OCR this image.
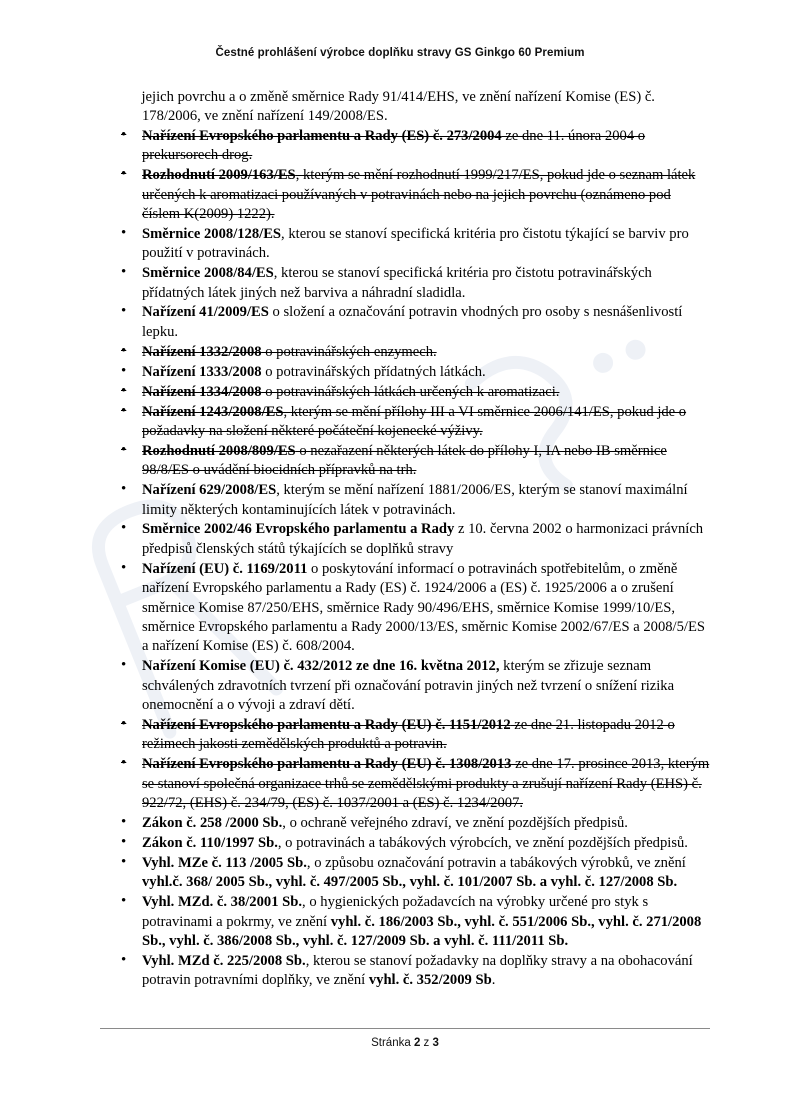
Čestné prohlášení výrobce doplňku stravy GS Ginkgo 60 Premium

jejich povrchu a o změně směrnice Rady 91/414/EHS, ve znění nařízení Komise (ES) č. 178/2006, ve znění nařízení 149/2008/ES.

• Nařízení Evropského parlamentu a Rady (ES) č. 273/2004 ze dne 11. února 2004 o prekursorech drog.
• Rozhodnutí 2009/163/ES, kterým se mění rozhodnutí 1999/217/ES, pokud jde o seznam látek určených k aromatizaci používaných v potravinách nebo na jejich povrchu (oznámeno pod číslem K(2009) 1222).
• Směrnice 2008/128/ES, kterou se stanoví specifická kritéria pro čistotu týkající se barviv pro použití v potravinách.
• Směrnice 2008/84/ES, kterou se stanoví specifická kritéria pro čistotu potravinářských přídatných látek jiných než barviva a náhradní sladidla.
• Nařízení 41/2009/ES o složení a označování potravin vhodných pro osoby s nesnášenlivostí lepku.
• Nařízení 1332/2008 o potravinářských enzymech.
• Nařízení 1333/2008 o potravinářských přídatných látkách.
• Nařízení 1334/2008 o potravinářských látkách určených k aromatizaci.
• Nařízení 1243/2008/ES, kterým se mění přílohy III a VI směrnice 2006/141/ES, pokud jde o požadavky na složení některé počáteční kojenecké výživy.
• Rozhodnutí 2008/809/ES o nezařazení některých látek do přílohy I, IA nebo IB směrnice 98/8/ES o uvádění biocidních přípravků na trh.
• Nařízení 629/2008/ES, kterým se mění nařízení 1881/2006/ES, kterým se stanoví maximální limity některých kontaminujících látek v potravinách.
• Směrnice 2002/46 Evropského parlamentu a Rady z 10. června 2002 o harmonizaci právních předpisů členských států týkajících se doplňků stravy
• Nařízení (EU) č. 1169/2011 o poskytování informací o potravinách spotřebitelům, o změně nařízení Evropského parlamentu a Rady (ES) č. 1924/2006 a (ES) č. 1925/2006 a o zrušení směrnice Komise 87/250/EHS, směrnice Rady 90/496/EHS, směrnice Komise 1999/10/ES, směrnice Evropského parlamentu a Rady 2000/13/ES, směrnic Komise 2002/67/ES a 2008/5/ES a nařízení Komise (ES) č. 608/2004.
• Nařízení Komise (EU) č. 432/2012 ze dne 16. května 2012, kterým se zřizuje seznam schválených zdravotních tvrzení při označování potravin jiných než tvrzení o snížení rizika onemocnění a o vývoji a zdraví dětí.
• Nařízení Evropského parlamentu a Rady (EU) č. 1151/2012 ze dne 21. listopadu 2012 o režimech jakosti zemědělských produktů a potravin.
• Nařízení Evropského parlamentu a Rady (EU) č. 1308/2013 ze dne 17. prosince 2013, kterým se stanoví společná organizace trhů se zemědělskými produkty a zrušují nařízení Rady (EHS) č. 922/72, (EHS) č. 234/79, (ES) č. 1037/2001 a (ES) č. 1234/2007.
• Zákon č. 258 /2000 Sb., o ochraně veřejného zdraví, ve znění pozdějších předpisů.
• Zákon č. 110/1997 Sb., o potravinách a tabákových výrobcích, ve znění pozdějších předpisů.
• Vyhl. MZe č. 113 /2005 Sb., o způsobu označování potravin a tabákových výrobků, ve znění vyhl.č. 368/ 2005 Sb., vyhl. č. 497/2005 Sb., vyhl. č. 101/2007 Sb. a vyhl. č. 127/2008 Sb.
• Vyhl. MZd. č. 38/2001 Sb., o hygienických požadavcích na výrobky určené pro styk s potravinami a pokrmy, ve znění vyhl. č. 186/2003 Sb., vyhl. č. 551/2006 Sb., vyhl. č. 271/2008 Sb., vyhl. č. 386/2008 Sb., vyhl. č. 127/2009 Sb. a vyhl. č. 111/2011 Sb.
• Vyhl. MZd č. 225/2008 Sb., kterou se stanoví požadavky na doplňky stravy a na obohacování potravin potravními doplňky, ve znění vyhl. č. 352/2009 Sb.
Stránka 2 z 3
